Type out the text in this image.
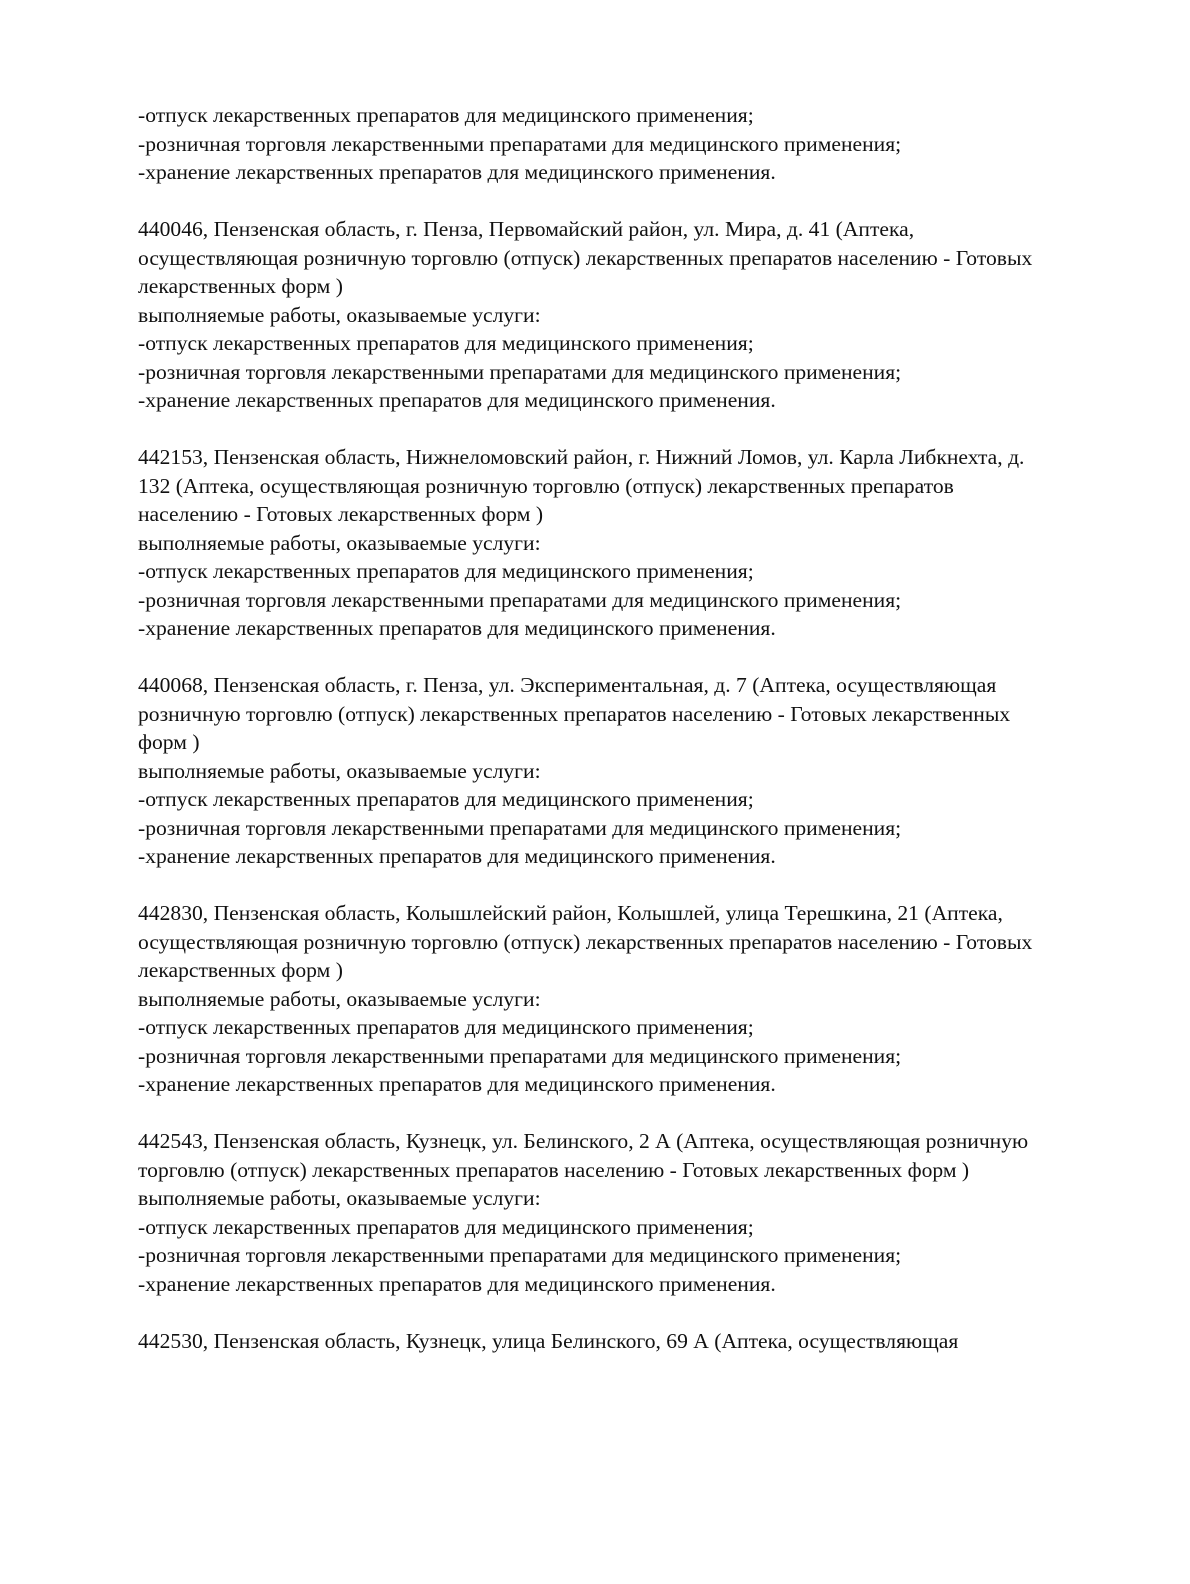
-отпуск лекарственных препаратов для медицинского применения;
-розничная торговля лекарственными препаратами для медицинского применения;
-хранение лекарственных препаратов для медицинского применения.
440046, Пензенская область, г. Пенза, Первомайский район, ул. Мира, д. 41 (Аптека,
осуществляющая розничную торговлю (отпуск) лекарственных препаратов населению - Готовых
лекарственных форм )
выполняемые работы, оказываемые услуги:
-отпуск лекарственных препаратов для медицинского применения;
-розничная торговля лекарственными препаратами для медицинского применения;
-хранение лекарственных препаратов для медицинского применения.
442153, Пензенская область, Нижнеломовский район, г. Нижний Ломов, ул. Карла Либкнехта, д.
132 (Аптека, осуществляющая розничную торговлю (отпуск) лекарственных препаратов
населению - Готовых лекарственных форм )
выполняемые работы, оказываемые услуги:
-отпуск лекарственных препаратов для медицинского применения;
-розничная торговля лекарственными препаратами для медицинского применения;
-хранение лекарственных препаратов для медицинского применения.
440068, Пензенская область, г. Пенза, ул. Экспериментальная, д. 7 (Аптека, осуществляющая
розничную торговлю (отпуск) лекарственных препаратов населению - Готовых лекарственных
форм )
выполняемые работы, оказываемые услуги:
-отпуск лекарственных препаратов для медицинского применения;
-розничная торговля лекарственными препаратами для медицинского применения;
-хранение лекарственных препаратов для медицинского применения.
442830, Пензенская область, Колышлейский район, Колышлей, улица Терешкина, 21 (Аптека,
осуществляющая розничную торговлю (отпуск) лекарственных препаратов населению - Готовых
лекарственных форм )
выполняемые работы, оказываемые услуги:
-отпуск лекарственных препаратов для медицинского применения;
-розничная торговля лекарственными препаратами для медицинского применения;
-хранение лекарственных препаратов для медицинского применения.
442543, Пензенская область, Кузнецк, ул. Белинского, 2 А (Аптека, осуществляющая розничную
торговлю (отпуск) лекарственных препаратов населению - Готовых лекарственных форм )
выполняемые работы, оказываемые услуги:
-отпуск лекарственных препаратов для медицинского применения;
-розничная торговля лекарственными препаратами для медицинского применения;
-хранение лекарственных препаратов для медицинского применения.
442530, Пензенская область, Кузнецк, улица Белинского, 69 А (Аптека, осуществляющая
